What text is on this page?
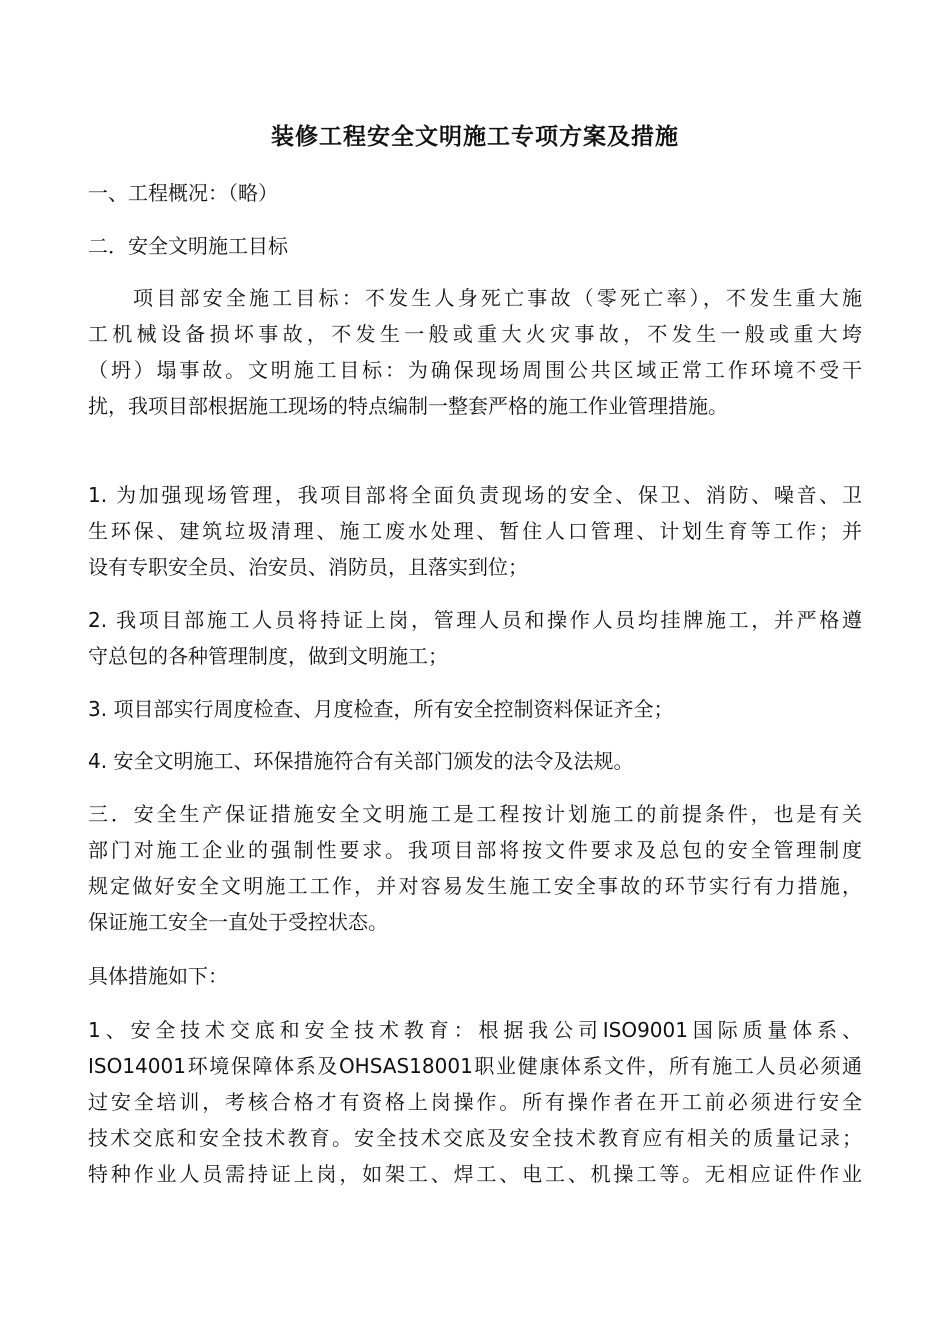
装修工程安全文明施工专项方案及措施
一、工程概况：（略）
二．安全文明施工目标
项目部安全施工目标：不发生人身死亡事故（零死亡率），不发生重大施
工机械设备损坏事故，不发生一般或重大火灾事故，不发生一般或重大垮
（坍）塌事故。文明施工目标：为确保现场周围公共区域正常工作环境不受干
扰，我项目部根据施工现场的特点编制一整套严格的施工作业管理措施。
1. 为加强现场管理，我项目部将全面负责现场的安全、保卫、消防、噪音、卫
生环保、建筑垃圾清理、施工废水处理、暂住人口管理、计划生育等工作；并
设有专职安全员、治安员、消防员，且落实到位；
2. 我项目部施工人员将持证上岗，管理人员和操作人员均挂牌施工，并严格遵
守总包的各种管理制度，做到文明施工；
3. 项目部实行周度检查、月度检查，所有安全控制资料保证齐全；
4. 安全文明施工、环保措施符合有关部门颁发的法令及法规。
三．安全生产保证措施安全文明施工是工程按计划施工的前提条件，也是有关
部门对施工企业的强制性要求。我项目部将按文件要求及总包的安全管理制度
规定做好安全文明施工工作，并对容易发生施工安全事故的环节实行有力措施，
保证施工安全一直处于受控状态。
具体措施如下：
1、安全技术交底和安全技术教育：根据我公司ISO9001国际质量体系、
ISO14001环境保障体系及OHSAS18001职业健康体系文件，所有施工人员必须通
过安全培训，考核合格才有资格上岗操作。所有操作者在开工前必须进行安全
技术交底和安全技术教育。安全技术交底及安全技术教育应有相关的质量记录；
特种作业人员需持证上岗，如架工、焊工、电工、机操工等。无相应证件作业
